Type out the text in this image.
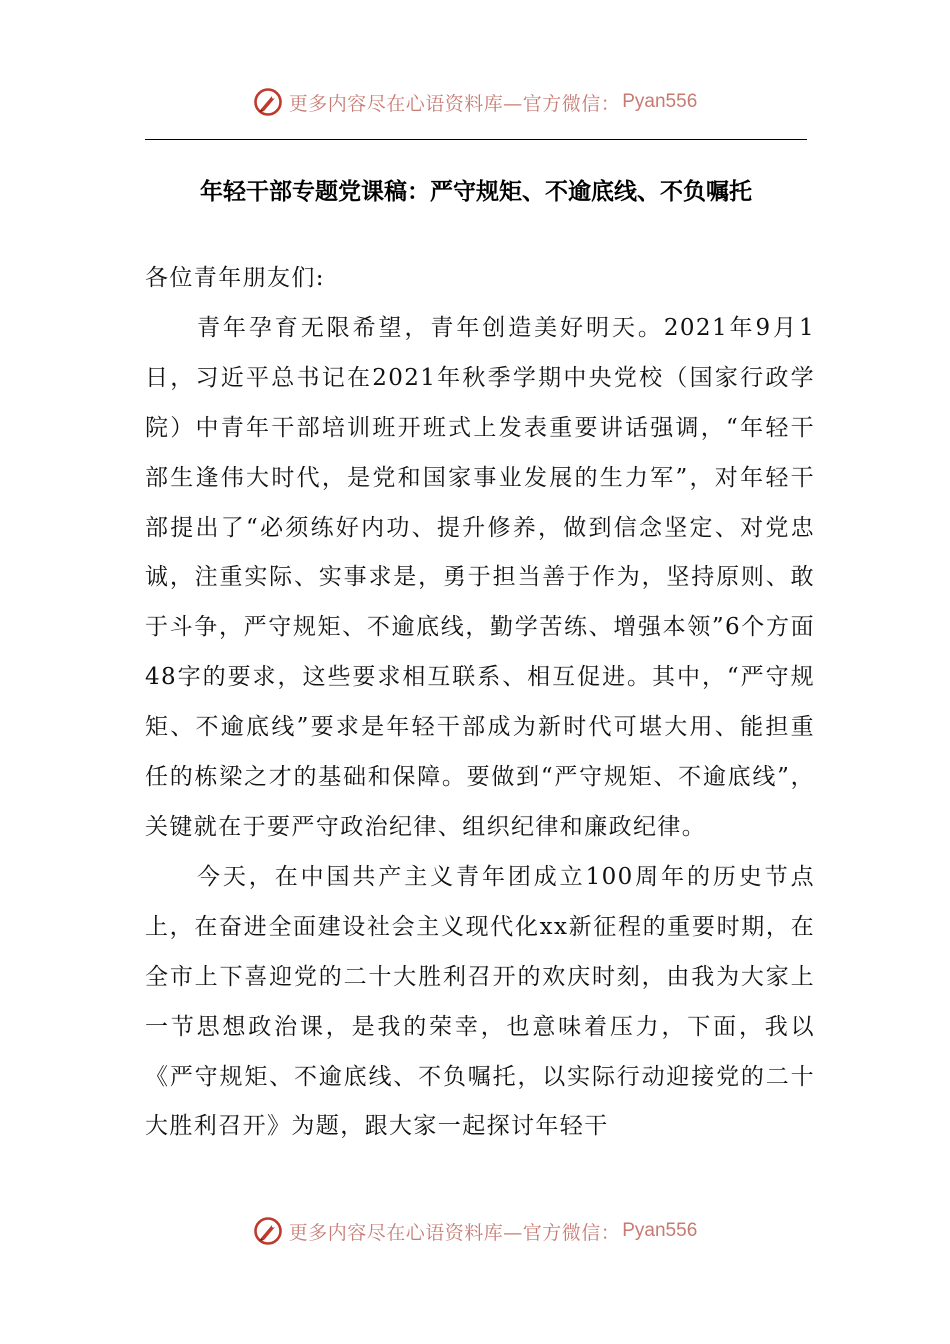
更多内容尽在心语资料库—官方微信： Pyan556
年轻干部专题党课稿：严守规矩、不逾底线、不负嘱托

各位青年朋友们:

青年孕育无限希望，青年创造美好明天。2021年9月1日，习近平总书记在2021年秋季学期中央党校（国家行政学院）中青年干部培训班开班式上发表重要讲话强调，“年轻干部生逢伟大时代，是党和国家事业发展的生力军”，对年轻干部提出了“必须练好内功、提升修养，做到信念坚定、对党忠诚，注重实际、实事求是，勇于担当善于作为，坚持原则、敢于斗争，严守规矩、不逾底线，勤学苦练、增强本领”6个方面48字的要求，这些要求相互联系、相互促进。其中，“严守规矩、不逾底线”要求是年轻干部成为新时代可堪大用、能担重任的栋梁之才的基础和保障。要做到“严守规矩、不逾底线”，关键就在于要严守政治纪律、组织纪律和廉政纪律。

今天，在中国共产主义青年团成立100周年的历史节点上，在奋进全面建设社会主义现代化xx新征程的重要时期，在全市上下喜迎党的二十大胜利召开的欢庆时刻，由我为大家上一节思想政治课，是我的荣幸，也意味着压力，下面，我以《严守规矩、不逾底线、不负嘱托，以实际行动迎接党的二十大胜利召开》为题，跟大家一起探讨年轻干

更多内容尽在心语资料库—官方微信： Pyan556
